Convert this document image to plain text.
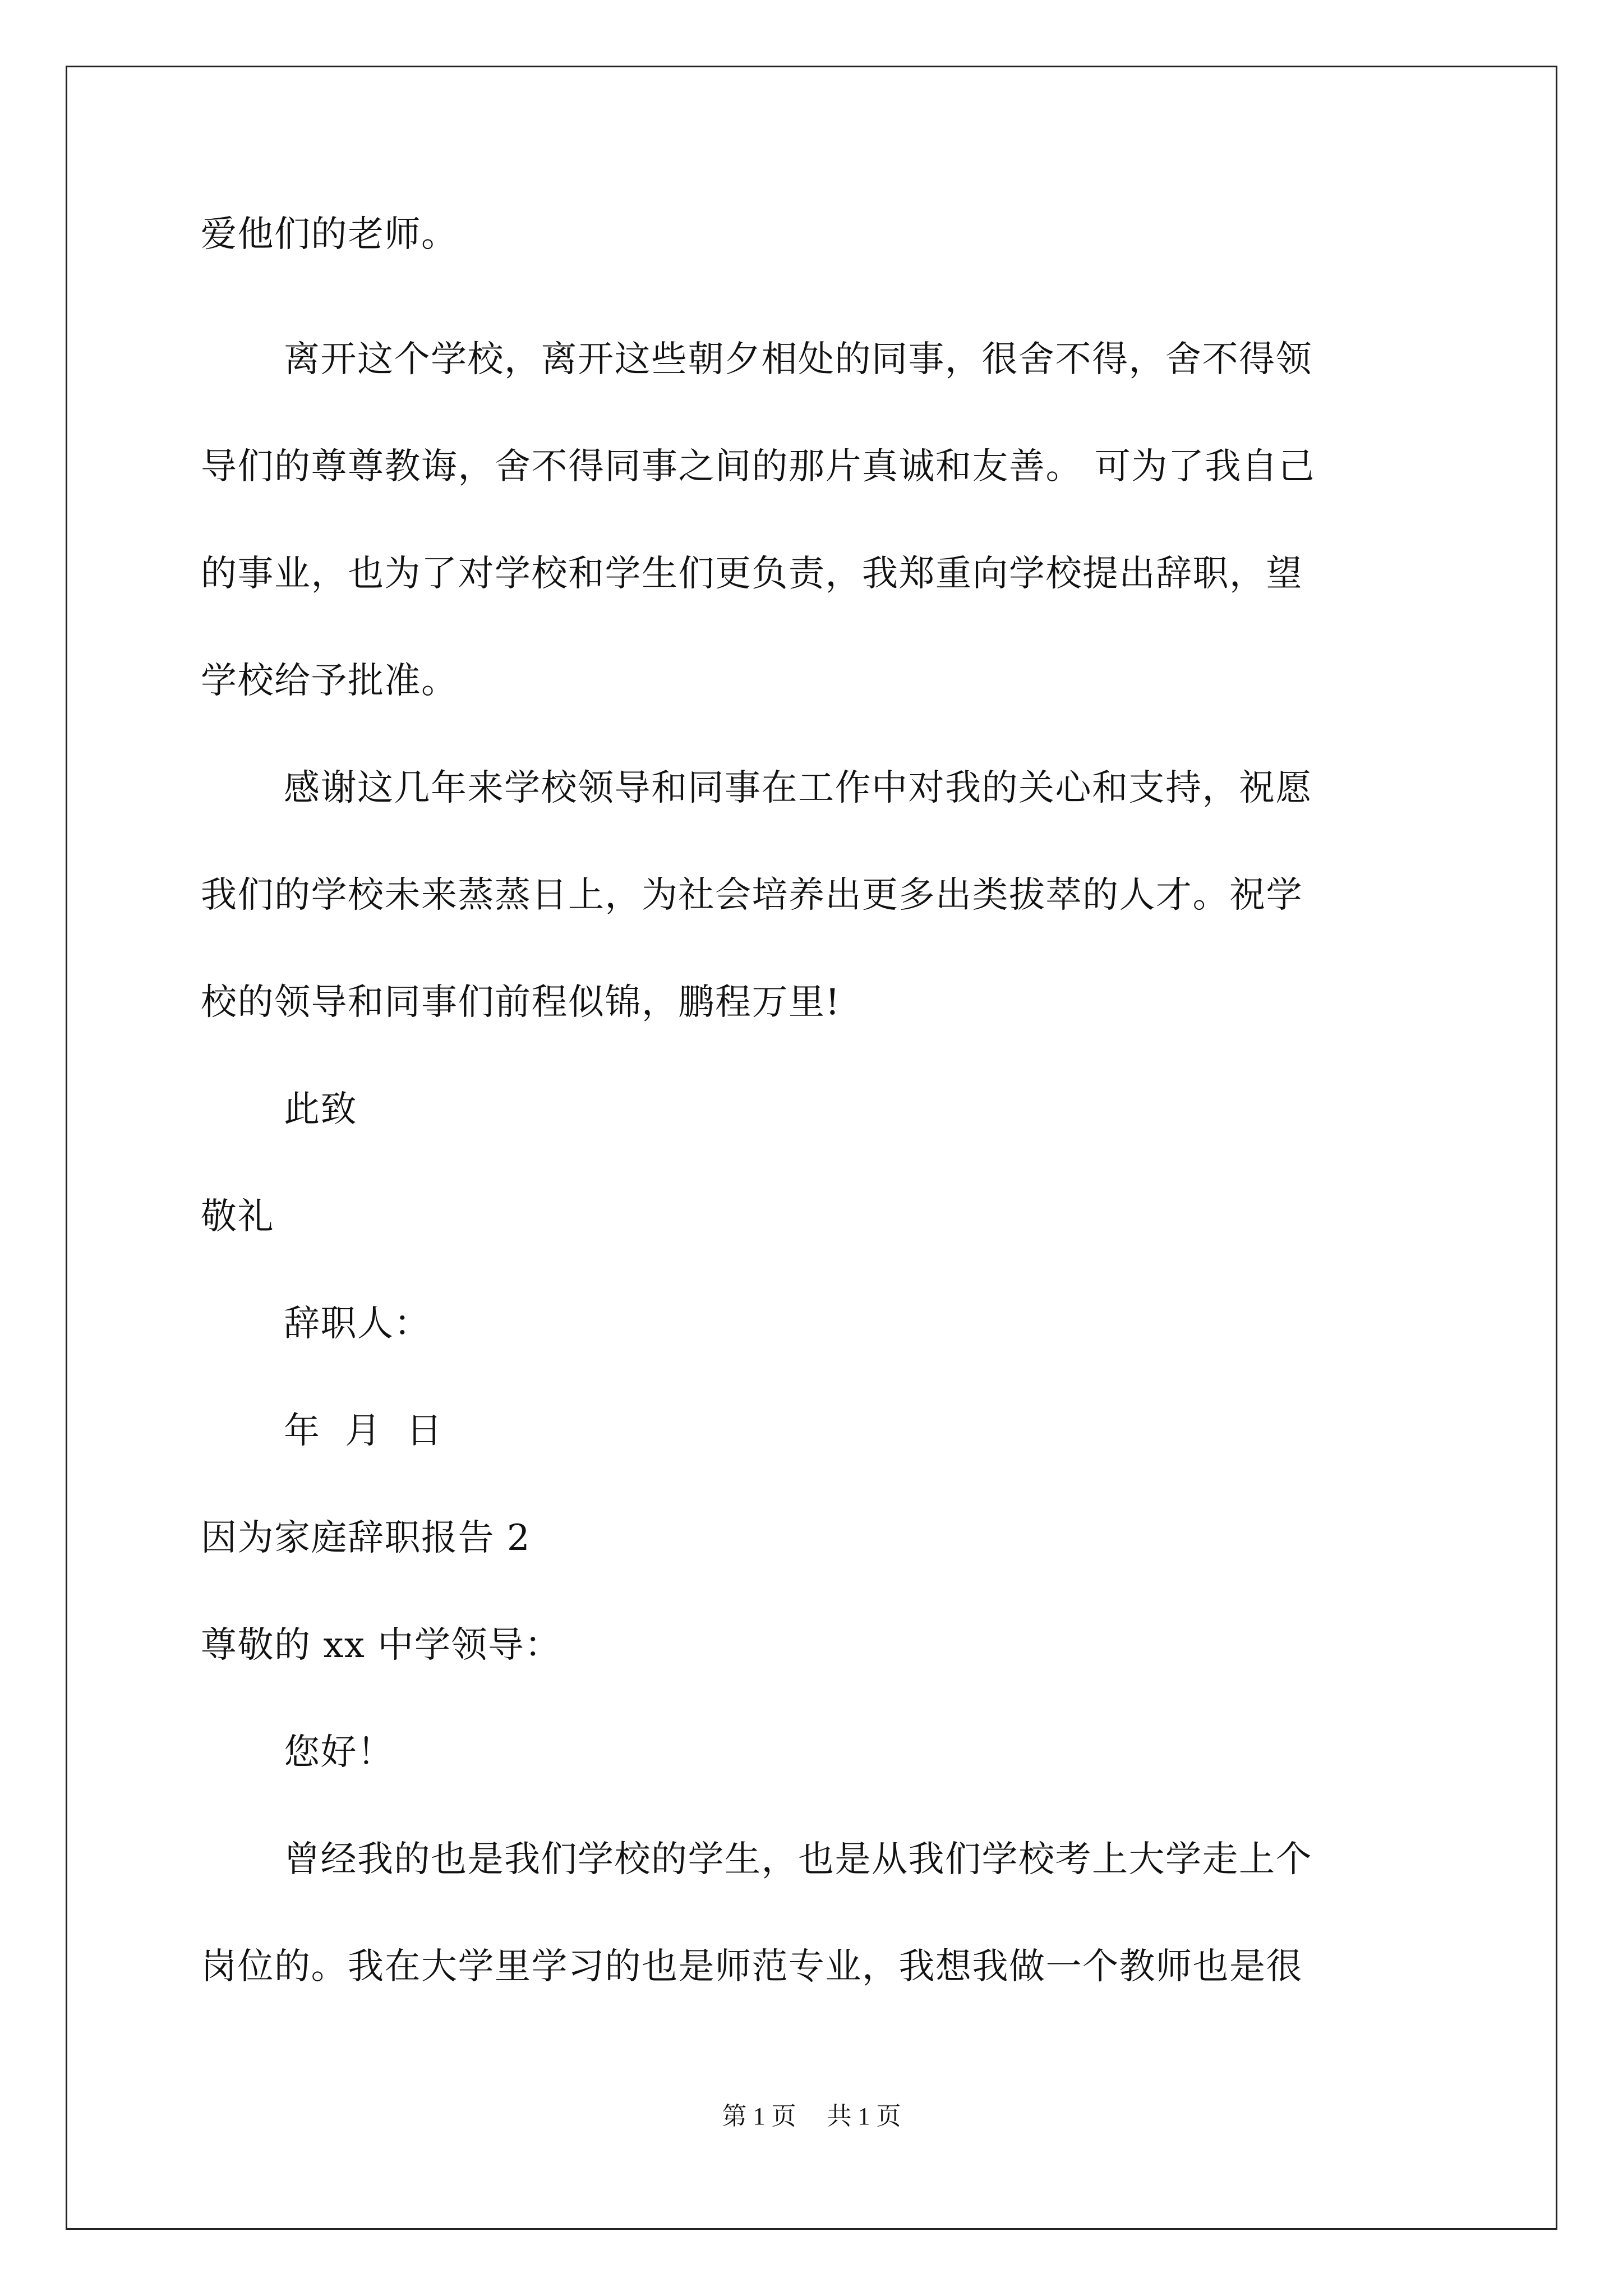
爱他们的老师。
离开这个学校，离开这些朝夕相处的同事，很舍不得，舍不得领
导们的尊尊教诲，舍不得同事之间的那片真诚和友善。 可为了我自己
的事业，也为了对学校和学生们更负责，我郑重向学校提出辞职，望
学校给予批准。
感谢这几年来学校领导和同事在工作中对我的关心和支持，祝愿
我们的学校未来蒸蒸日上，为社会培养出更多出类拔萃的人才。祝学
校的领导和同事们前程似锦，鹏程万里!
此致
敬礼
辞职人：
年  月  日
因为家庭辞职报告 2
尊敬的 xx 中学领导：
您好！
曾经我的也是我们学校的学生，也是从我们学校考上大学走上个
岗位的。我在大学里学习的也是师范专业，我想我做一个教师也是很
第 1 页 共 1 页
